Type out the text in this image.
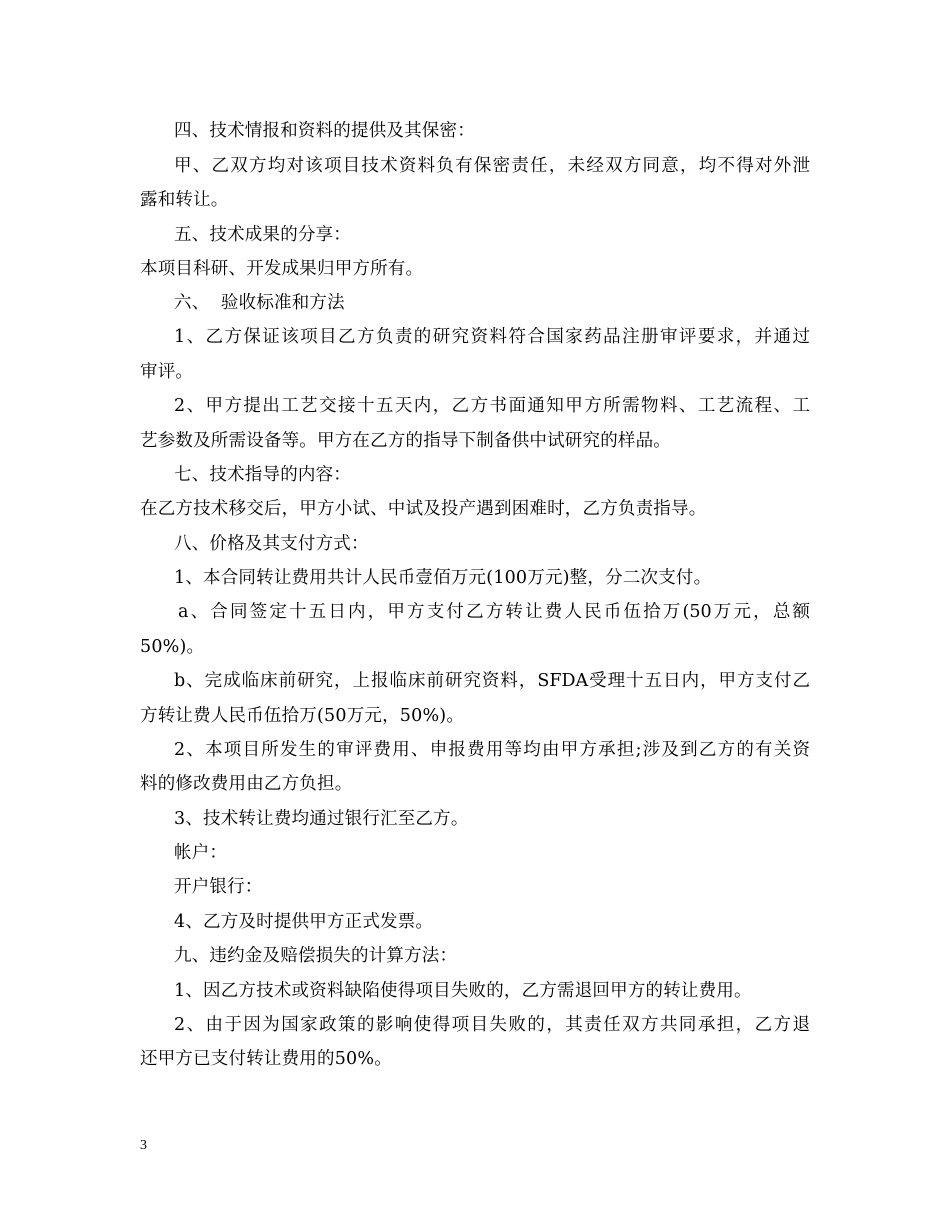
四、技术情报和资料的提供及其保密：
甲、乙双方均对该项目技术资料负有保密责任，未经双方同意，均不得对外泄
露和转让。
五、技术成果的分享：
本项目科研、开发成果归甲方所有。
六、  验收标准和方法
1、乙方保证该项目乙方负责的研究资料符合国家药品注册审评要求，并通过
审评。
2、甲方提出工艺交接十五天内，乙方书面通知甲方所需物料、工艺流程、工
艺参数及所需设备等。甲方在乙方的指导下制备供中试研究的样品。
七、技术指导的内容：
在乙方技术移交后，甲方小试、中试及投产遇到困难时，乙方负责指导。
八、价格及其支付方式：
1、本合同转让费用共计人民币壹佰万元(100万元)整，分二次支付。
a、合同签定十五日内，甲方支付乙方转让费人民币伍拾万(50万元，总额
50%)。
b、完成临床前研究，上报临床前研究资料，SFDA受理十五日内，甲方支付乙
方转让费人民币伍拾万(50万元，50%)。
2、本项目所发生的审评费用、申报费用等均由甲方承担;涉及到乙方的有关资
料的修改费用由乙方负担。
3、技术转让费均通过银行汇至乙方。
帐户：
开户银行：
4、乙方及时提供甲方正式发票。
九、违约金及赔偿损失的计算方法：
1、因乙方技术或资料缺陷使得项目失败的，乙方需退回甲方的转让费用。
2、由于因为国家政策的影响使得项目失败的，其责任双方共同承担，乙方退
还甲方已支付转让费用的50%。
3
